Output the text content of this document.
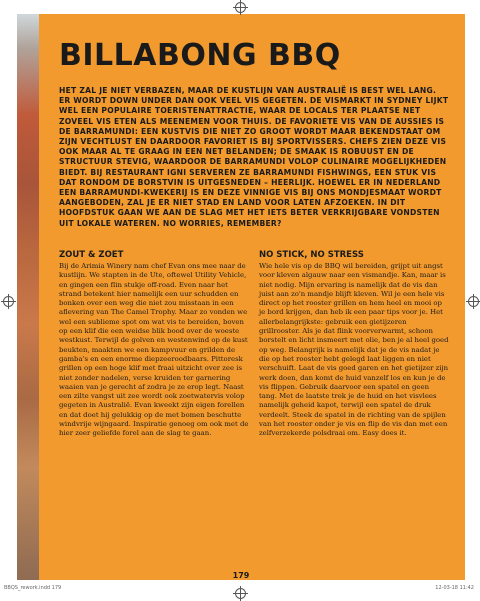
BILLABONG BBQ

HET ZAL JE NIET VERBAZEN, MAAR DE KUSTLIJN VAN AUSTRALIË IS BEST WEL LANG. ER WORDT DOWN UNDER DAN OOK VEEL VIS GEGETEN. DE VISMARKT IN SYDNEY LIJKT WEL EEN POPULAIRE TOERISTENATTRACTIE, WAAR DE LOCALS TER PLAATSE NET ZOVEEL VIS ETEN ALS MEENEMEN VOOR THUIS. DE FAVORIETE VIS VAN DE AUSSIES IS DE BARRAMUNDI: EEN KUSTVIS DIE NIET ZO GROOT WORDT MAAR BEKENDSTAAT OM ZIJN VECHTLUST EN DAARDOOR FAVORIET IS BIJ SPORTVISSERS. CHEFS ZIEN DEZE VIS OOK MAAR AL TE GRAAG IN EEN NET BELANDEN; DE SMAAK IS ROBUUST EN DE STRUCTUUR STEVIG, WAARDOOR DE BARRAMUNDI VOLOP CULINAIRE MOGELIJKHEDEN BIEDT. BIJ RESTAURANT IGNI SERVEREN ZE BARRAMUNDI FISHWINGS, EEN STUK VIS DAT RONDOM DE BORSTVIN IS UITGESNEDEN – HEERLIJK. HOEWEL ER IN NEDERLAND EEN BARRAMUNDI-KWEKERIJ IS EN DEZE VINNIGE VIS BIJ ONS MONDJESMAAT WORDT AANGEBODEN, ZAL JE ER NIET STAD EN LAND VOOR LATEN AFZOEKEN. IN DIT HOOFDSTUK GAAN WE AAN DE SLAG MET HET IETS BETER VERKRIJGBARE VONDSTEN UIT LOKALE WATEREN. NO WORRIES, REMEMBER?

ZOUT & ZOET

Bij de Arimia Winery nam chef Evan ons mee naar de kustlijn. We stapten in de Ute, oftewel Utility Vehicle, en gingen een flin stukje off-road. Even naar het strand betekent hier namelijk een uur schudden en bonken over een weg die niet zou misstaan in een aflevering van The Camel Trophy. Maar zo vonden we wel een sublieme spot om wat vis te bereiden, boven op een klif die een weidse blik bood over de woeste westkust. Terwijl de golven en westenwind op de kust beukten, maakten we een kampvuur en grilden de gamba's en een enorme diepzeeroodbaars. Pittoresk grillen op een hoge klif met fraai uitzicht over zee is niet zonder nadelen, verse kruiden ter garnering waaien van je gerecht af zodra je ze erop legt. Naast een zilte vangst uit zee wordt ook zoetwatervis volop gegeten in Australië. Evan kweekt zijn eigen forellen en dat doet hij gelukkig op de met bomen beschutte windvrije wijngaard. Inspiratie genoeg om ook met de hier zeer geliefde forel aan de slag te gaan.

NO STICK, NO STRESS

Wie hele vis op de BBQ wil bereiden, grijpt uit angst voor kleven algauw naar een vismandje. Kan, maar is niet nodig. Mijn ervaring is namelijk dat de vis dan juist aan zo'n mandje blijft kleven. Wil je een hele vis direct op het rooster grillen en hem heel en mooi op je bord krijgen, dan heb ik een paar tips voor je. Het allerbelangrijkste: gebruik een gietijzeren grillrooster. Als je dat flink voorverwarmt, schoon borstelt en licht insmeert met olie, ben je al heel goed op weg. Belangrijk is namelijk dat je de vis nadat je die op het rooster hebt gelegd laat liggen en niet verschuift. Laat de vis goed garen en het gietijzer zijn werk doen, dan komt de huid vanzelf los en kun je de vis flippen. Gebruik daarvoor een spatel en geen tang. Met de laatste trek je de huid en het visvlees namelijk geheid kapot, terwijl een spatel de druk verdeelt. Steek de spatel in de richting van de spijlen van het rooster onder je vis en flip de vis dan met een zelfverzekerde polsdraai om. Easy does it.

179
BBQS_rework.indd 179	12-03-18 11:42
